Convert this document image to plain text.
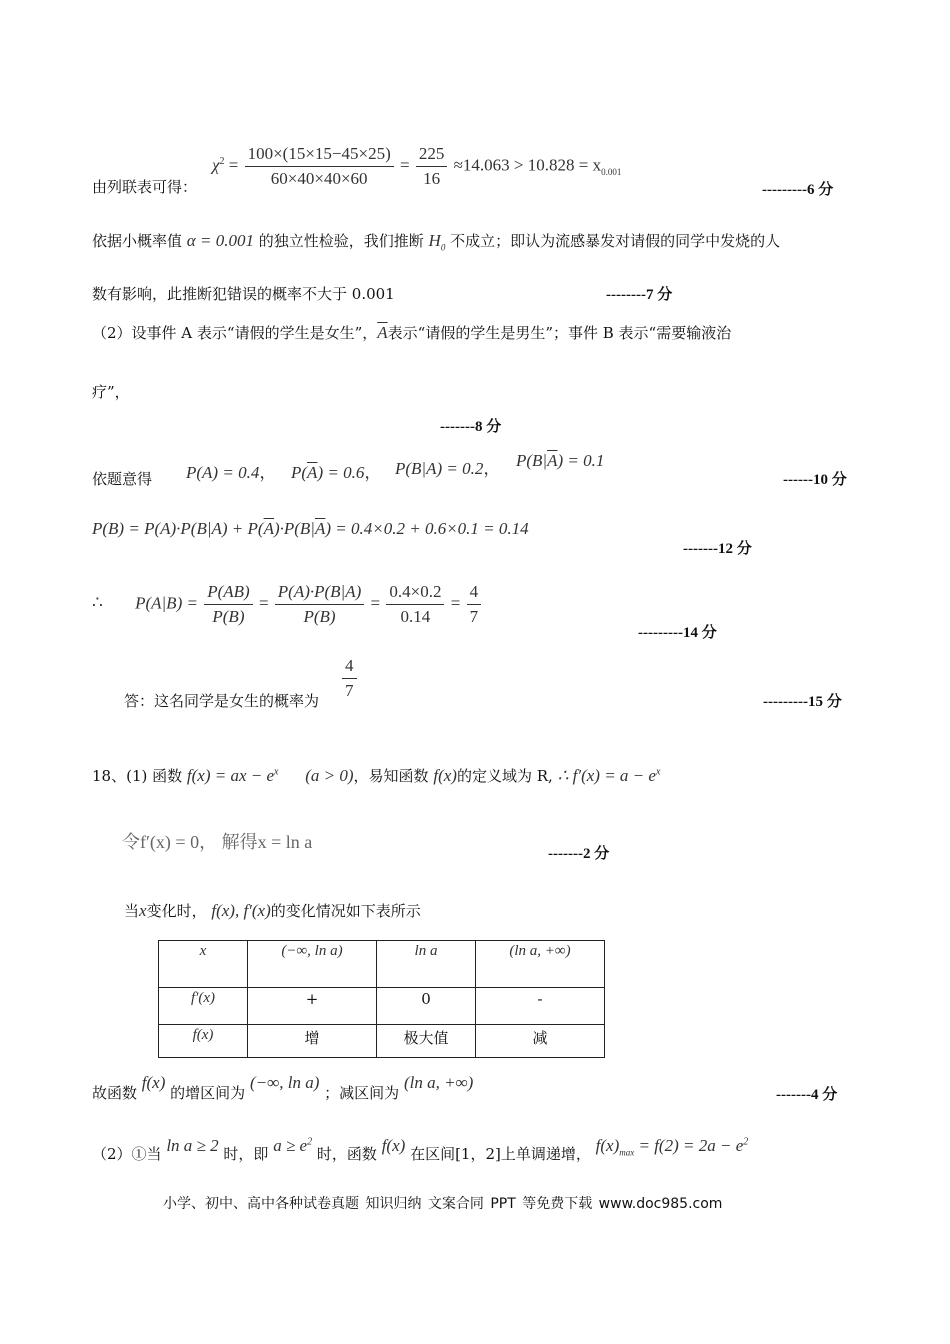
由列联表可得：
$\chi^2 = \frac{100\times(15\times 15-45\times 25)}{60\times 40\times 40\times 60} = \frac{225}{16} \approx 14.063 > 10.828 = x_{0.001}$
---------6 分
依据小概率值 α = 0.001 的独立性检验，我们推断 $H_0$ 不成立；即认为流感暴发对请假的同学中发烧的人
数有影响，此推断犯错误的概率不大于 0.001	--------7 分
（2）设事件 A 表示“请假的学生是女生”，$\overline{A}$表示“请假的学生是男生”；事件 B 表示“需要输液治
疗”，
-------8 分
依题意得 P(A) = 0.4， $P(\overline{A}) = 0.6$， P(B|A) = 0.2， $P(B|\overline{A}) = 0.1$
------10 分
$P(B) = P(A)\cdot P(B|A) + P(\overline{A})\cdot P(B|\overline{A}) = 0.4\times 0.2 + 0.6\times 0.1 = 0.14$
-------12 分
∴ $P(A|B) = \frac{P(AB)}{P(B)} = \frac{P(A)\cdot P(B|A)}{P(B)} = \frac{0.4\times 0.2}{0.14} = \frac{4}{7}$
---------14 分
答：这名同学是女生的概率为 $\frac{4}{7}$
---------15 分
18、(1) 函数 f(x) = ax − $e^x$ (a > 0)，易知函数 f(x)的定义域为 R, ∴ $f'(x) = a - e^x$
令f′(x) = 0， 解得x = ln a
-------2 分
当x变化时， f(x), f′(x)的变化情况如下表所示
x	(−∞, ln a)	ln a	(ln a, +∞)
f′(x)	+	0	-
f(x)	增	极大值	减
故函数 f(x) 的增区间为 (−∞, ln a) ；减区间为 (ln a, +∞)
-------4 分
（2）①当 ln a ≥ 2 时，即 $a \ge e^2$ 时，函数 f(x) 在区间[1，2]上单调递增， $f(x)_{max} = f(2) = 2a - e^2$
小学、初中、高中各种试卷真题 知识归纳 文案合同 PPT 等免费下载 www.doc985.com
